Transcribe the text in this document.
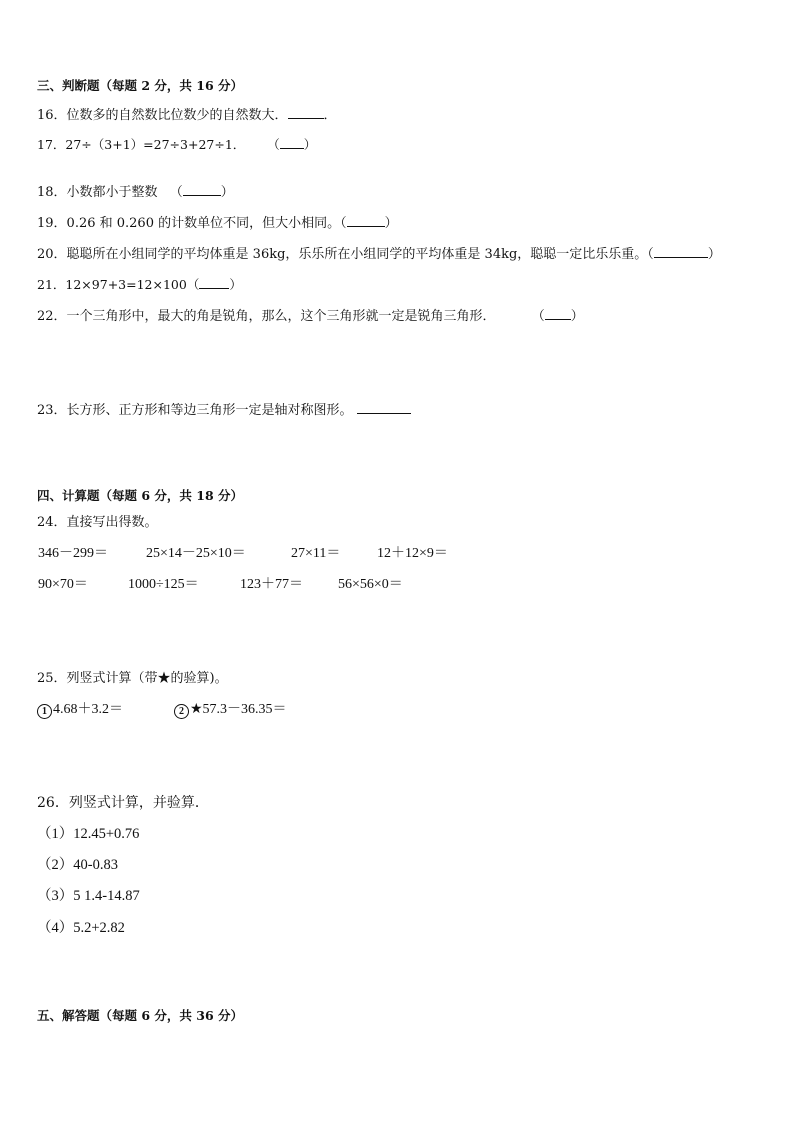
三、判断题（每题 2 分，共 16 分）
16．位数多的自然数比位数少的自然数大．	．
17．27÷（3+1）=27÷3+27÷1． （ ）
18．小数都小于整数 （	）
19．0.26 和 0.260 的计数单位不同，但大小相同。（	）
20．聪聪所在小组同学的平均体重是 36kg，乐乐所在小组同学的平均体重是 34kg，聪聪一定比乐乐重。（	）
21．12×97+3=12×100（ ）
22．一个三角形中，最大的角是锐角，那么，这个三角形就一定是锐角三角形．	（ ）
23．长方形、正方形和等边三角形一定是轴对称图形。
四、计算题（每题 6 分，共 18 分）
24．直接写出得数。
346－299＝	25×14－25×10＝	27×11＝	12＋12×9＝
90×70＝	1000÷125＝	123＋77＝	56×56×0＝
25．列竖式计算（带★的验算)。
1 4.68＋3.2＝	2 ★57.3－36.35＝
26．列竖式计算，并验算．
（1）12.45+0.76
（2）40-0.83
（3）5 1.4-14.87
（4）5.2+2.82
五、解答题（每题 6 分，共 36 分）
